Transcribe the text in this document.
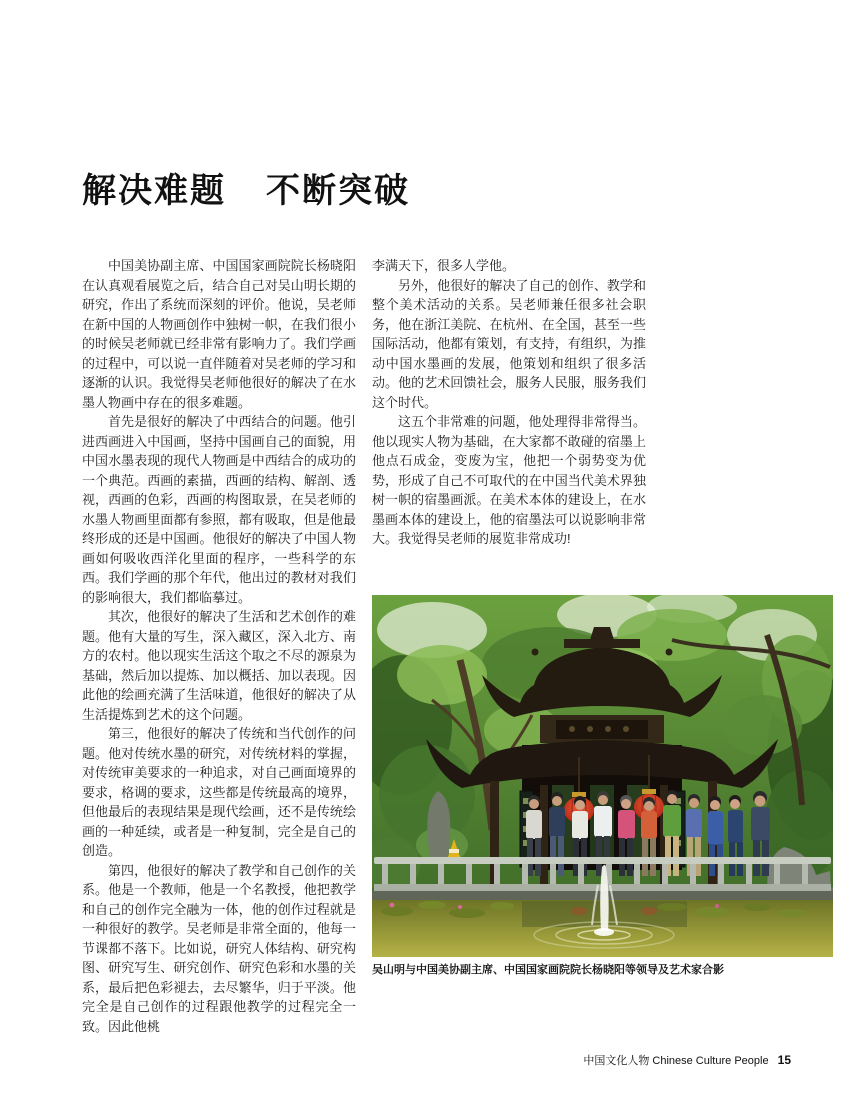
解决难题 不断突破

中国美协副主席、中国国家画院院长杨晓阳在认真观看展览之后，结合自己对吴山明长期的研究，作出了系统而深刻的评价。他说，吴老师在新中国的人物画创作中独树一帜，在我们很小的时候吴老师就已经非常有影响力了。我们学画的过程中，可以说一直伴随着对吴老师的学习和逐渐的认识。我觉得吴老师他很好的解决了在水墨人物画中存在的很多难题。

首先是很好的解决了中西结合的问题。他引进西画进入中国画，坚持中国画自己的面貌，用中国水墨表现的现代人物画是中西结合的成功的一个典范。西画的素描，西画的结构、解剖、透视，西画的色彩，西画的构图取景，在吴老师的水墨人物画里面都有参照，都有吸取，但是他最终形成的还是中国画。他很好的解决了中国人物画如何吸收西洋化里面的程序，一些科学的东西。我们学画的那个年代，他出过的教材对我们的影响很大，我们都临摹过。

其次，他很好的解决了生活和艺术创作的难题。他有大量的写生，深入藏区，深入北方、南方的农村。他以现实生活这个取之不尽的源泉为基础，然后加以提炼、加以概括、加以表现。因此他的绘画充满了生活味道，他很好的解决了从生活提炼到艺术的这个问题。

第三，他很好的解决了传统和当代创作的问题。他对传统水墨的研究，对传统材料的掌握，对传统审美要求的一种追求，对自己画面境界的要求，格调的要求，这些都是传统最高的境界，但他最后的表现结果是现代绘画，还不是传统绘画的一种延续，或者是一种复制，完全是自己的创造。

第四，他很好的解决了教学和自己创作的关系。他是一个教师，他是一个名教授，他把教学和自己的创作完全融为一体，他的创作过程就是一种很好的教学。吴老师是非常全面的，他每一节课都不落下。比如说，研究人体结构、研究构图、研究写生、研究创作、研究色彩和水墨的关系，最后把色彩褪去，去尽繁华，归于平淡。他完全是自己创作的过程跟他教学的过程完全一致。因此他桃

李满天下，很多人学他。

另外，他很好的解决了自己的创作、教学和整个美术活动的关系。吴老师兼任很多社会职务，他在浙江美院、在杭州、在全国，甚至一些国际活动，他都有策划，有支持，有组织，为推动中国水墨画的发展，他策划和组织了很多活动。他的艺术回馈社会，服务人民服，服务我们这个时代。

这五个非常难的问题，他处理得非常得当。他以现实人物为基础，在大家都不敢碰的宿墨上他点石成金，变废为宝，他把一个弱势变为优势，形成了自己不可取代的在中国当代美术界独树一帜的宿墨画派。在美术本体的建设上，在水墨画本体的建设上，他的宿墨法可以说影响非常大。我觉得吴老师的展览非常成功!

吴山明与中国美协副主席、中国国家画院院长杨晓阳等领导及艺术家合影
中国文化人物 Chinese Culture People 15
